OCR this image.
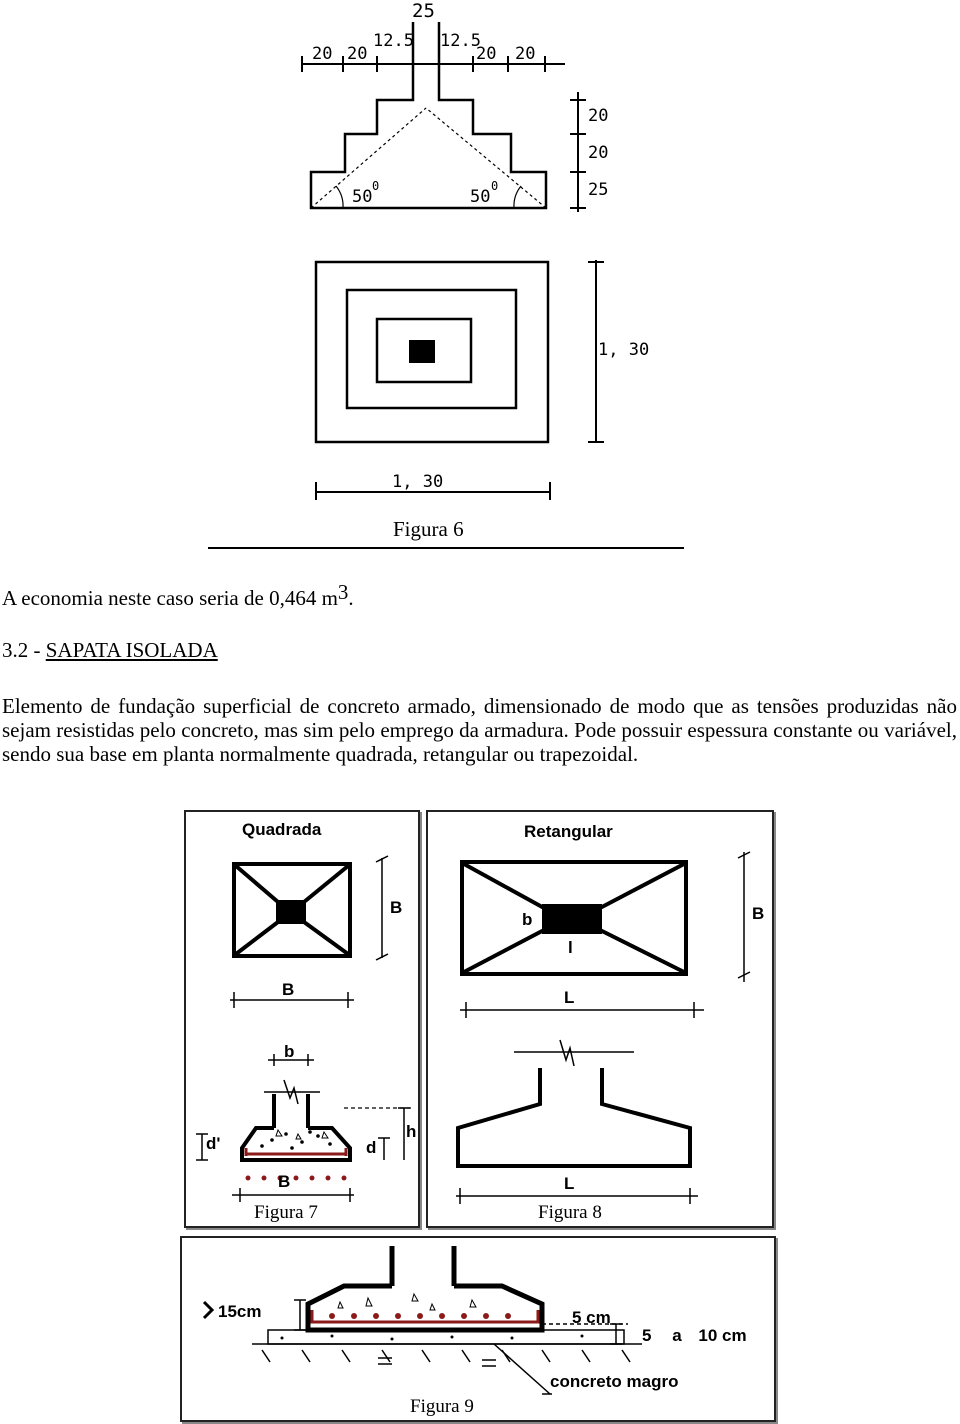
20 20
12.5
25
12.5
20 20
50
0
50
0
20
20
25
1, 30
1, 30
Figura 6
A economia neste caso seria de 0,464 $m^3$.
3.2 - SAPATA ISOLADA

Elemento de fundação superficial de concreto armado, dimensionado de modo que as tensões produzidas não sejam resistidas pelo concreto, mas sim pelo emprego da armadura. Pode possuir espessura constante ou variável, sendo sua base em planta normalmente quadrada, retangular ou trapezoidal.

Quadrada
B
B
b
d'	d
h
B
Figura 7
Retangular
b
l
B
L
L
Figura 8
15cm	5 cm
5 a 10 cm
concreto magro
Figura 9
